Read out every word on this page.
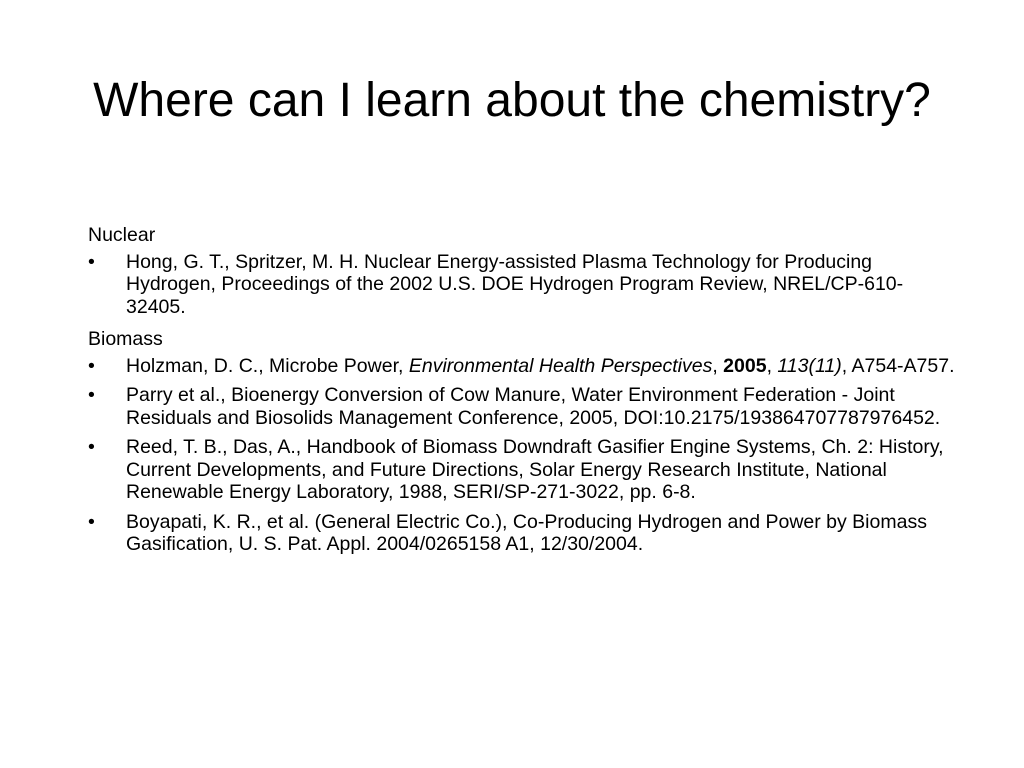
Where can I learn about the chemistry?
Nuclear
• Hong, G. T., Spritzer, M. H. Nuclear Energy-assisted Plasma Technology for Producing Hydrogen, Proceedings of the 2002 U.S. DOE Hydrogen Program Review, NREL/CP-610-32405.
Biomass
• Holzman, D. C., Microbe Power, Environmental Health Perspectives, 2005, 113(11), A754-A757.
• Parry et al., Bioenergy Conversion of Cow Manure, Water Environment Federation - Joint Residuals and Biosolids Management Conference, 2005, DOI:10.2175/193864707787976452.
• Reed, T. B., Das, A., Handbook of Biomass Downdraft Gasifier Engine Systems, Ch. 2: History, Current Developments, and Future Directions, Solar Energy Research Institute, National Renewable Energy Laboratory, 1988, SERI/SP-271-3022, pp. 6-8.
• Boyapati, K. R., et al. (General Electric Co.), Co-Producing Hydrogen and Power by Biomass Gasification, U. S. Pat. Appl. 2004/0265158 A1, 12/30/2004.
